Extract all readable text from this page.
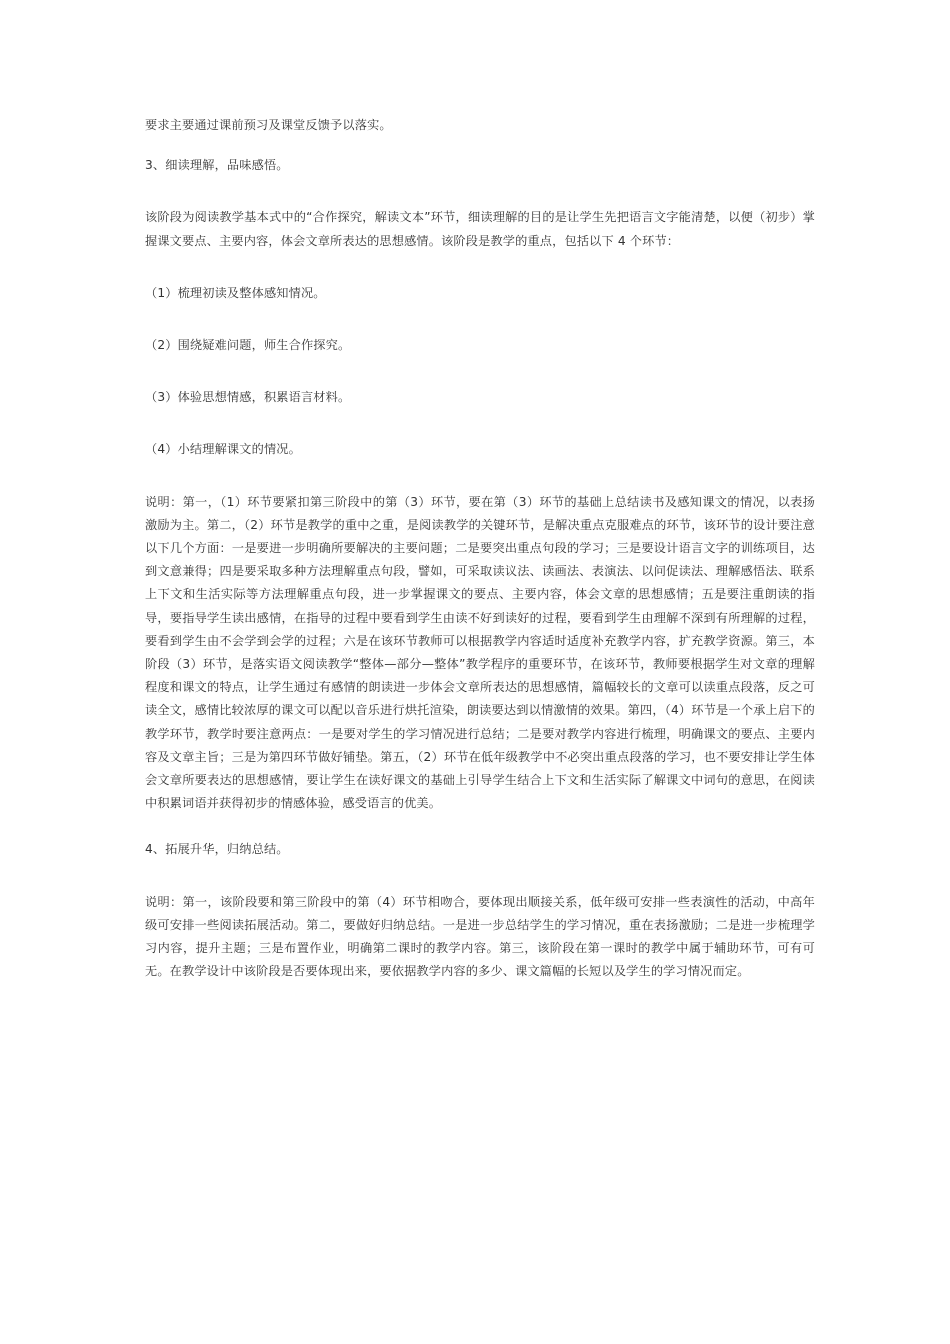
要求主要通过课前预习及课堂反馈予以落实。

3、细读理解，品味感悟。

该阶段为阅读教学基本式中的“合作探究，解读文本”环节，细读理解的目的是让学生先把语言文字能清楚，以便（初步）掌握课文要点、主要内容，体会文章所表达的思想感情。该阶段是教学的重点，包括以下 4 个环节：

（1）梳理初读及整体感知情况。

（2）围绕疑难问题，师生合作探究。

（3）体验思想情感，积累语言材料。

（4）小结理解课文的情况。

说明：第一，（1）环节要紧扣第三阶段中的第（3）环节，要在第（3）环节的基础上总结读书及感知课文的情况，以表扬激励为主。第二，（2）环节是教学的重中之重，是阅读教学的关键环节，是解决重点克服难点的环节，该环节的设计要注意以下几个方面：一是要进一步明确所要解决的主要问题；二是要突出重点句段的学习；三是要设计语言文字的训练项目，达到文意兼得；四是要采取多种方法理解重点句段，譬如，可采取读议法、读画法、表演法、以问促读法、理解感悟法、联系上下文和生活实际等方法理解重点句段，进一步掌握课文的要点、主要内容，体会文章的思想感情；五是要注重朗读的指导，要指导学生读出感情，在指导的过程中要看到学生由读不好到读好的过程，要看到学生由理解不深到有所理解的过程，要看到学生由不会学到会学的过程；六是在该环节教师可以根据教学内容适时适度补充教学内容，扩充教学资源。第三，本阶段（3）环节，是落实语文阅读教学“整体—部分—整体”教学程序的重要环节，在该环节，教师要根据学生对文章的理解程度和课文的特点，让学生通过有感情的朗读进一步体会文章所表达的思想感情，篇幅较长的文章可以读重点段落，反之可读全文，感情比较浓厚的课文可以配以音乐进行烘托渲染，朗读要达到以情激情的效果。第四，（4）环节是一个承上启下的教学环节，教学时要注意两点：一是要对学生的学习情况进行总结；二是要对教学内容进行梳理，明确课文的要点、主要内容及文章主旨；三是为第四环节做好铺垫。第五，（2）环节在低年级教学中不必突出重点段落的学习，也不要安排让学生体会文章所要表达的思想感情，要让学生在读好课文的基础上引导学生结合上下文和生活实际了解课文中词句的意思，在阅读中积累词语并获得初步的情感体验，感受语言的优美。

4、拓展升华，归纳总结。

说明：第一，该阶段要和第三阶段中的第（4）环节相吻合，要体现出顺接关系，低年级可安排一些表演性的活动，中高年级可安排一些阅读拓展活动。第二，要做好归纳总结。一是进一步总结学生的学习情况，重在表扬激励；二是进一步梳理学习内容，提升主题；三是布置作业，明确第二课时的教学内容。第三，该阶段在第一课时的教学中属于辅助环节，可有可无。在教学设计中该阶段是否要体现出来，要依据教学内容的多少、课文篇幅的长短以及学生的学习情况而定。
